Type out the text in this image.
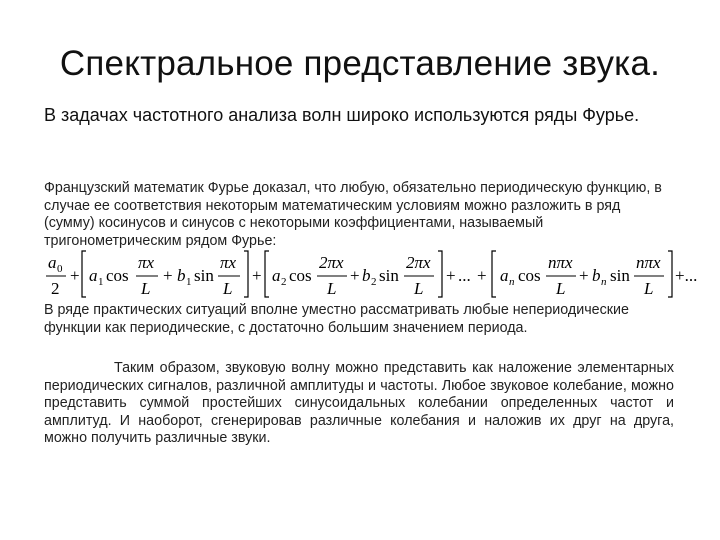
Спектральное представление звука.
В задачах частотного анализа волн широко используются ряды Фурье.
Французский математик Фурье доказал, что любую, обязательно периодическую функцию, в случае ее соответствия некоторым математическим условиям можно разложить в ряд (сумму) косинусов и синусов с некоторыми коэффициентами, называемый тригонометрическим рядом Фурье:
a 0
2
+ a 1 cos
πx
L
+ b 1 sin
πx
L
+ a 2 cos
2πx
L
+ b 2 sin
2πx
L
+ ... + a n cos
nπx
L
+ b n sin
nπx
L
+...
В ряде практических ситуаций вполне уместно рассматривать любые непериодические функции как периодические, с достаточно большим значением периода.
Таким образом, звуковую волну можно представить как наложение элементарных периодических сигналов, различной амплитуды и частоты. Любое звуковое колебание, можно представить суммой простейших синусоидальных колебании определенных частот и амплитуд. И наоборот, сгенерировав различные колебания и наложив их друг на друга, можно получить различные звуки.
